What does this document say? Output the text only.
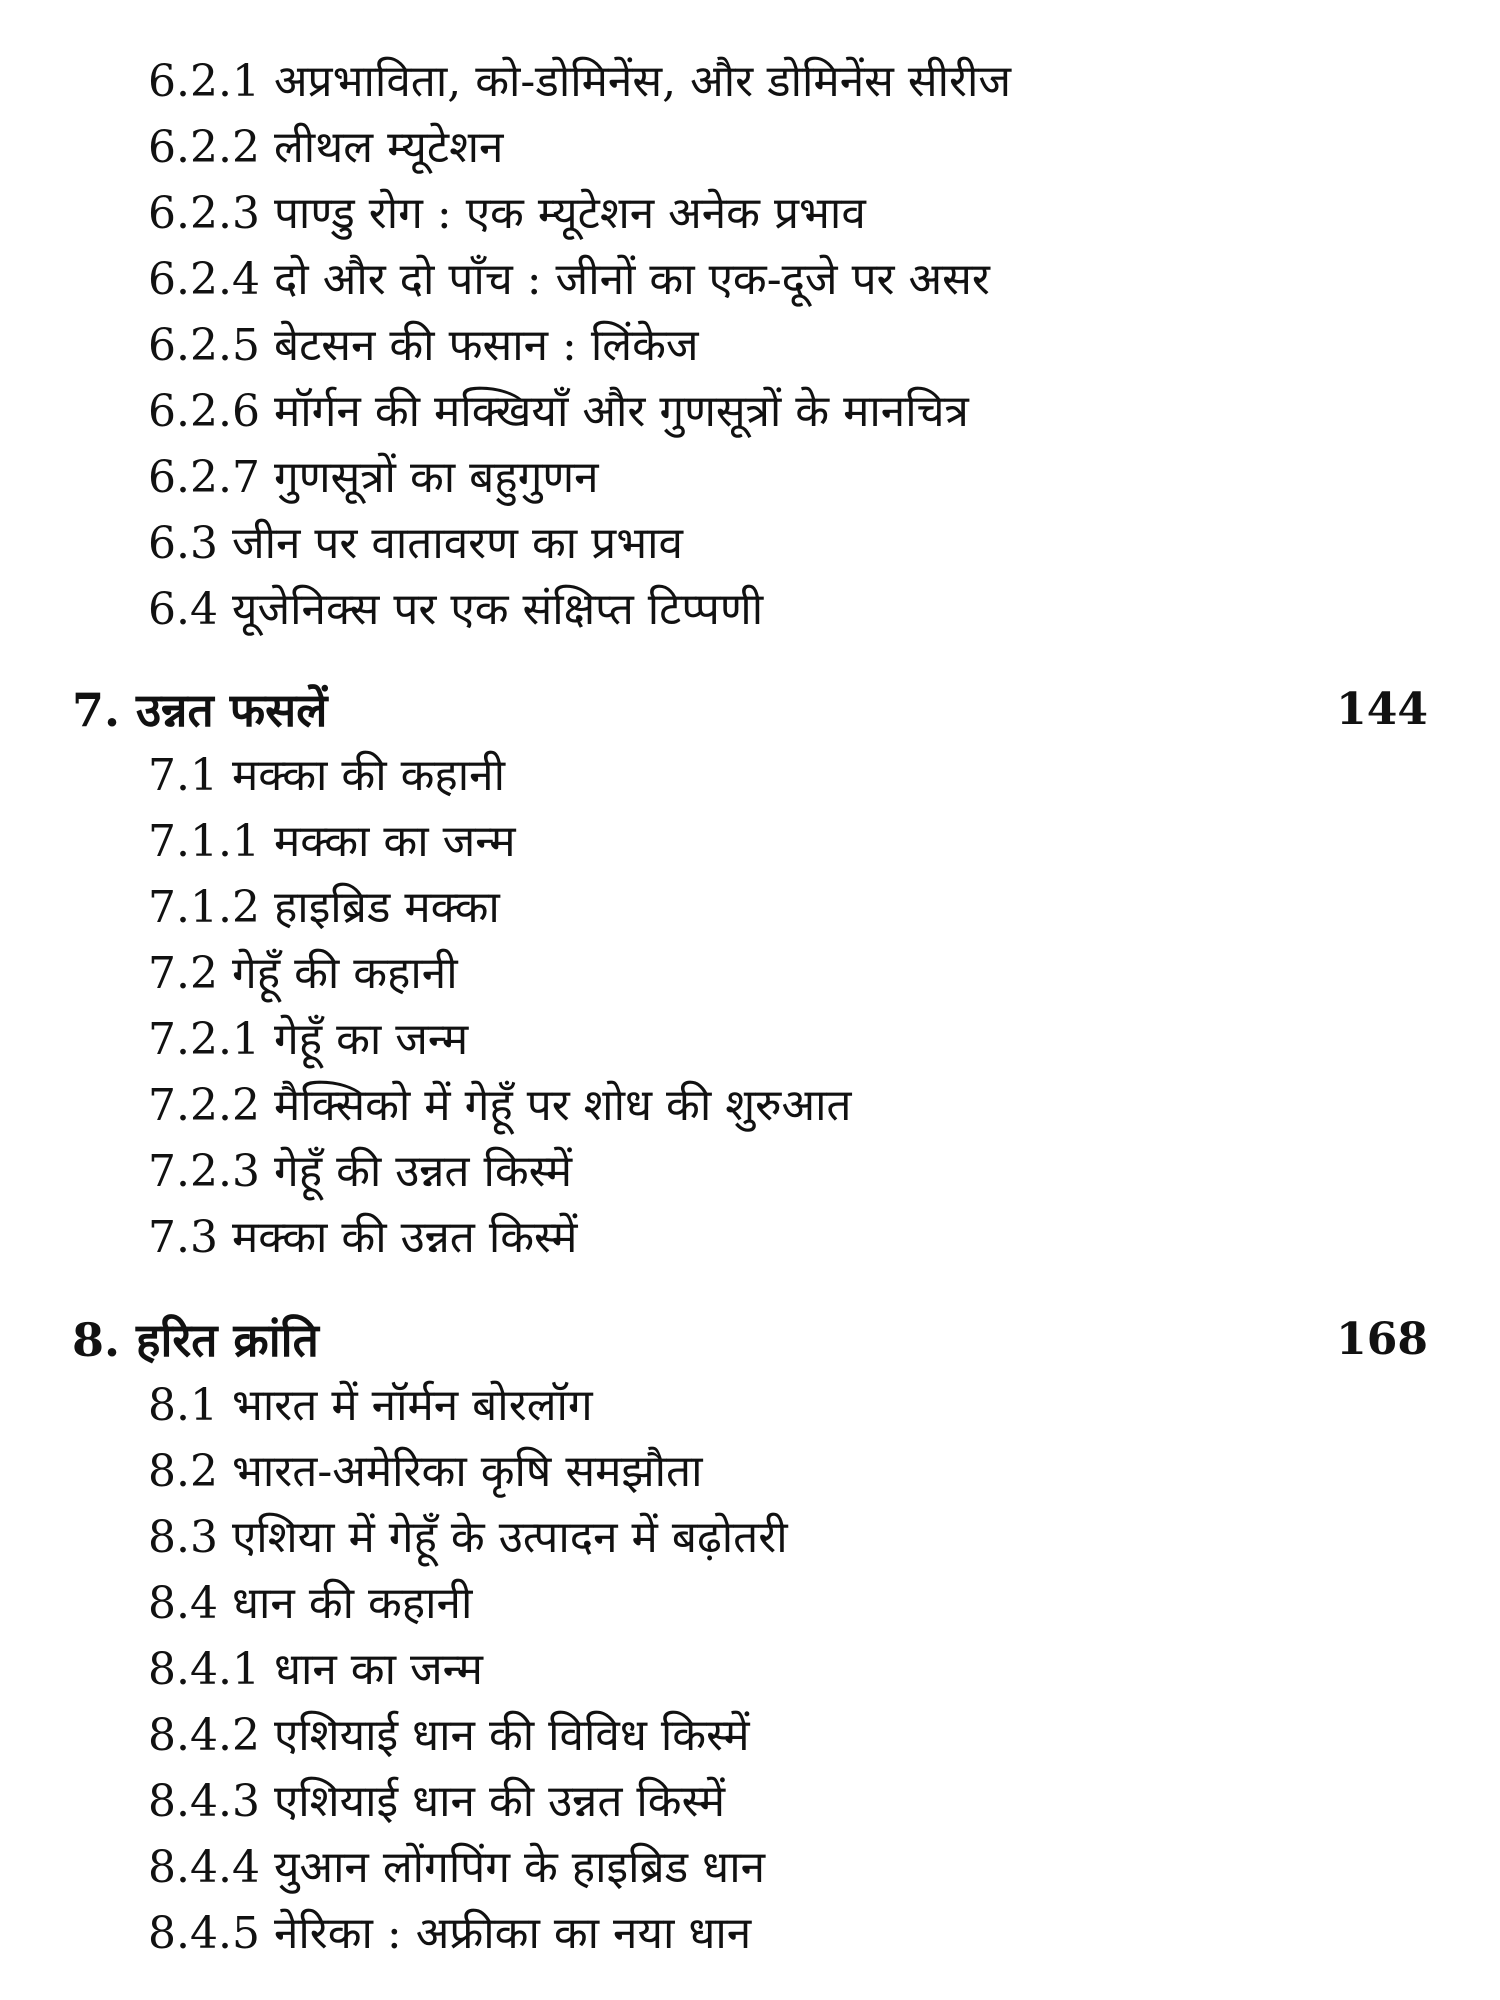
6.2.1 अप्रभाविता, को-डोमिनेंस, और डोमिनेंस सीरीज
6.2.2 लीथल म्यूटेशन
6.2.3 पाण्डु रोग : एक म्यूटेशन अनेक प्रभाव
6.2.4 दो और दो पाँच : जीनों का एक-दूजे पर असर
6.2.5 बेटसन की फसान : लिंकेज
6.2.6 मॉर्गन की मक्खियाँ और गुणसूत्रों के मानचित्र
6.2.7 गुणसूत्रों का बहुगुणन
6.3 जीन पर वातावरण का प्रभाव
6.4 यूजेनिक्स पर एक संक्षिप्त टिप्पणी
7. उन्नत फसलें	144
7.1 मक्का की कहानी
7.1.1 मक्का का जन्म
7.1.2 हाइब्रिड मक्का
7.2 गेहूँ की कहानी
7.2.1 गेहूँ का जन्म
7.2.2 मैक्सिको में गेहूँ पर शोध की शुरुआत
7.2.3 गेहूँ की उन्नत किस्में
7.3 मक्का की उन्नत किस्में
8. हरित क्रांति	168
8.1 भारत में नॉर्मन बोरलॉग
8.2 भारत-अमेरिका कृषि समझौता
8.3 एशिया में गेहूँ के उत्पादन में बढ़ोतरी
8.4 धान की कहानी
8.4.1 धान का जन्म
8.4.2 एशियाई धान की विविध किस्में
8.4.3 एशियाई धान की उन्नत किस्में
8.4.4 युआन लोंगपिंग के हाइब्रिड धान
8.4.5 नेरिका : अफ्रीका का नया धान
